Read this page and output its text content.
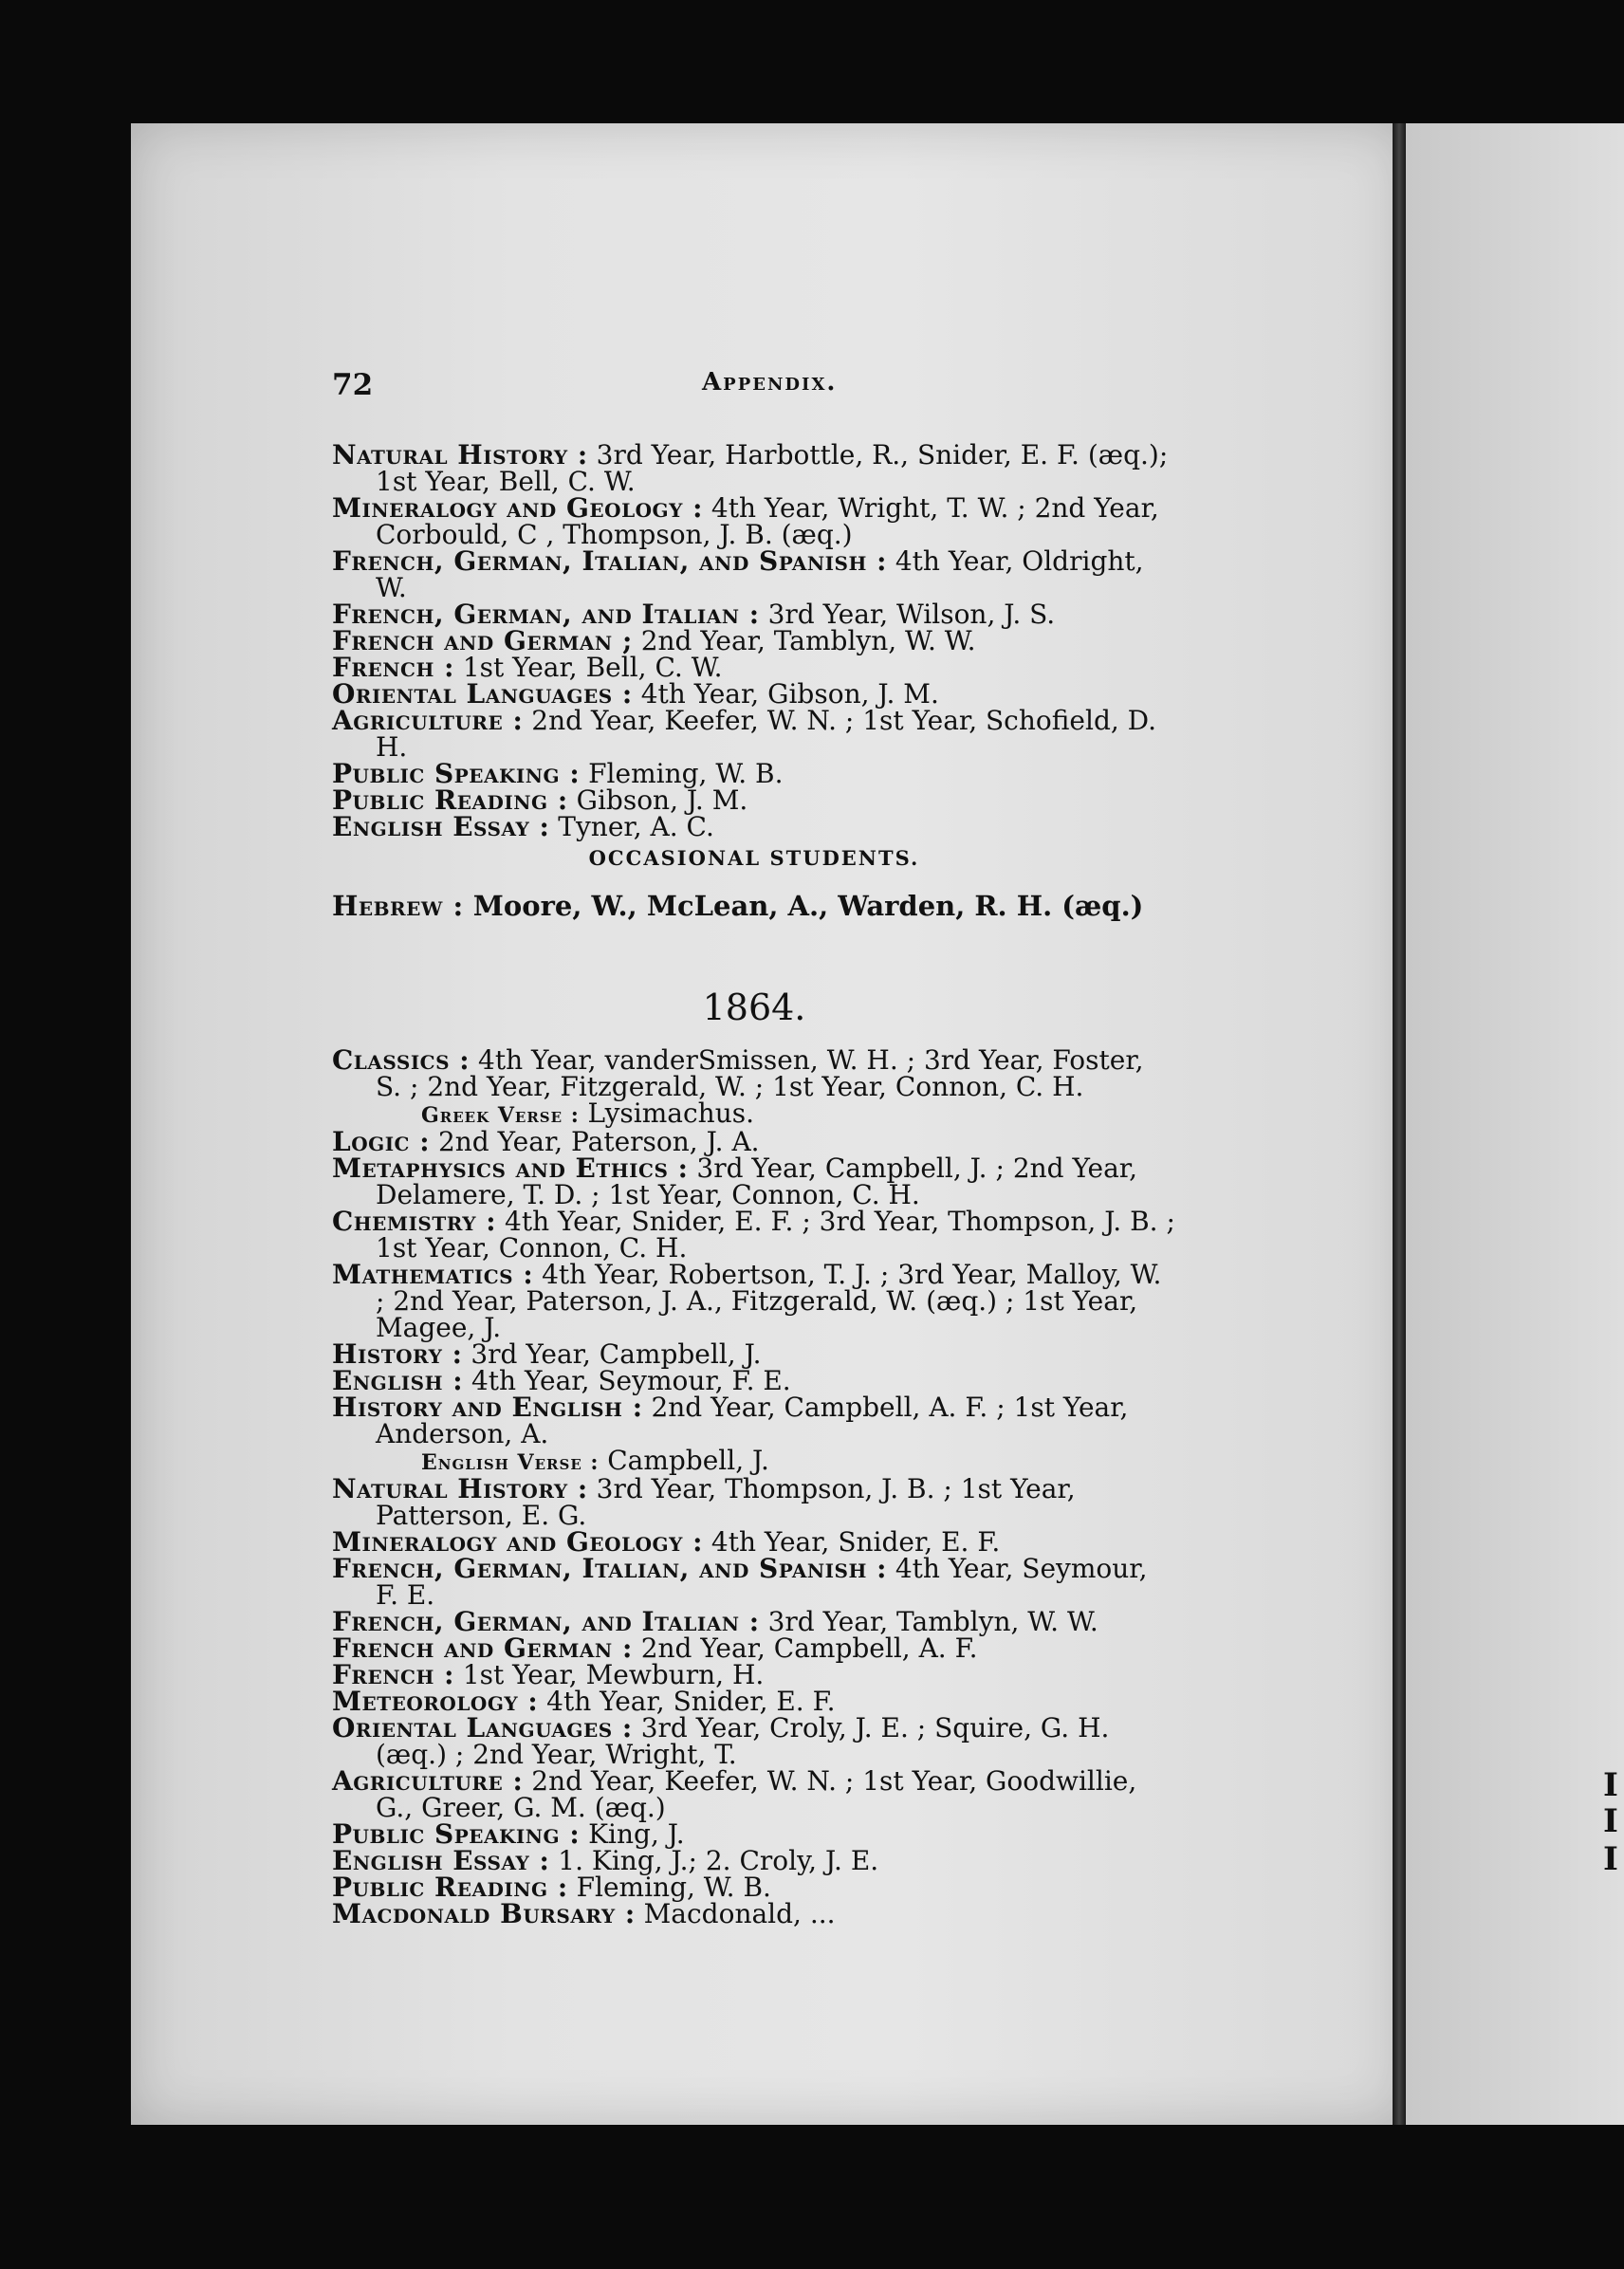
I
I
I
72	Appendix.

Natural History : 3rd Year, Harbottle, R., Snider, E. F. (æq.); 1st Year, Bell, C. W.

Mineralogy and Geology : 4th Year, Wright, T. W. ; 2nd Year, Corbould, C , Thompson, J. B. (æq.)

French, German, Italian, and Spanish : 4th Year, Oldright, W.

French, German, and Italian : 3rd Year, Wilson, J. S.

French and German ; 2nd Year, Tamblyn, W. W.

French : 1st Year, Bell, C. W.

Oriental Languages : 4th Year, Gibson, J. M.

Agriculture : 2nd Year, Keefer, W. N. ; 1st Year, Schofield, D. H.

Public Speaking : Fleming, W. B.

Public Reading : Gibson, J. M.

English Essay : Tyner, A. C.

OCCASIONAL STUDENTS.
Hebrew : Moore, W., McLean, A., Warden, R. H. (æq.)
1864.

Classics : 4th Year, vanderSmissen, W. H. ; 3rd Year, Foster, S. ; 2nd Year, Fitzgerald, W. ; 1st Year, Connon, C. H.

Greek Verse : Lysimachus.

Logic : 2nd Year, Paterson, J. A.

Metaphysics and Ethics : 3rd Year, Campbell, J. ; 2nd Year, Delamere, T. D. ; 1st Year, Connon, C. H.

Chemistry : 4th Year, Snider, E. F. ; 3rd Year, Thompson, J. B. ; 1st Year, Connon, C. H.

Mathematics : 4th Year, Robertson, T. J. ; 3rd Year, Malloy, W. ; 2nd Year, Paterson, J. A., Fitzgerald, W. (æq.) ; 1st Year, Magee, J.

History : 3rd Year, Campbell, J.

English : 4th Year, Seymour, F. E.

History and English : 2nd Year, Campbell, A. F. ; 1st Year, Anderson, A.

English Verse : Campbell, J.

Natural History : 3rd Year, Thompson, J. B. ; 1st Year, Patterson, E. G.

Mineralogy and Geology : 4th Year, Snider, E. F.

French, German, Italian, and Spanish : 4th Year, Seymour, F. E.

French, German, and Italian : 3rd Year, Tamblyn, W. W.

French and German : 2nd Year, Campbell, A. F.

French : 1st Year, Mewburn, H.

Meteorology : 4th Year, Snider, E. F.

Oriental Languages : 3rd Year, Croly, J. E. ; Squire, G. H. (æq.) ; 2nd Year, Wright, T.

Agriculture : 2nd Year, Keefer, W. N. ; 1st Year, Goodwillie, G., Greer, G. M. (æq.)

Public Speaking : King, J.

English Essay : 1. King, J.; 2. Croly, J. E.

Public Reading : Fleming, W. B.

Macdonald Bursary : Macdonald, ...
